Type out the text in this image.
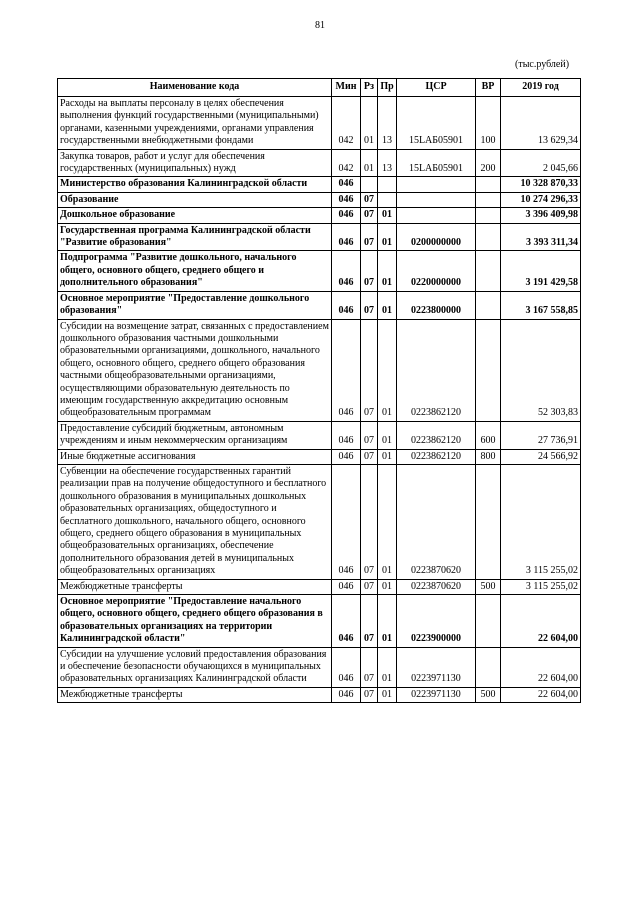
81
(тыс.рублей)
Наименование кода	Мин	Рз	Пр	ЦСР	ВР	2019 год
Расходы на выплаты персоналу в целях обеспечения выполнения функций государственными (муниципальными) органами, казенными учреждениями, органами управления государственными внебюджетными фондами	042	01	13	15LAБ05901	100	13 629,34
Закупка товаров, работ и услуг для обеспечения государственных (муниципальных) нужд	042	01	13	15LAБ05901	200	2 045,66
Министерство образования Калининградской области	046					10 328 870,33
Образование	046	07				10 274 296,33
Дошкольное образование	046	07	01			3 396 409,98
Государственная программа Калининградской области "Развитие образования"	046	07	01	0200000000		3 393 311,34
Подпрограмма "Развитие дошкольного, начального общего, основного общего, среднего общего и дополнительного образования"	046	07	01	0220000000		3 191 429,58
Основное мероприятие "Предоставление дошкольного образования"	046	07	01	0223800000		3 167 558,85
Субсидии на возмещение затрат, связанных с предоставлением дошкольного образования частными дошкольными образовательными организациями, дошкольного, начального общего, основного общего, среднего общего образования частными общеобразовательными организациями, осуществляющими образовательную деятельность по имеющим государственную аккредитацию основным общеобразовательным программам	046	07	01	0223862120		52 303,83
Предоставление субсидий бюджетным, автономным учреждениям и иным некоммерческим организациям	046	07	01	0223862120	600	27 736,91
Иные бюджетные ассигнования	046	07	01	0223862120	800	24 566,92
Субвенции на обеспечение государственных гарантий реализации прав на получение общедоступного и бесплатного дошкольного образования в муниципальных дошкольных образовательных организациях, общедоступного и бесплатного дошкольного, начального общего, основного общего, среднего общего образования в муниципальных общеобразовательных организациях, обеспечение дополнительного образования детей в муниципальных общеобразовательных организациях	046	07	01	0223870620		3 115 255,02
Межбюджетные трансферты	046	07	01	0223870620	500	3 115 255,02
Основное мероприятие "Предоставление начального общего, основного общего, среднего общего образования в образовательных организациях на территории Калининградской области"	046	07	01	0223900000		22 604,00
Субсидии на улучшение условий предоставления образования и обеспечение безопасности обучающихся в муниципальных образовательных организациях Калининградской области	046	07	01	0223971130		22 604,00
Межбюджетные трансферты	046	07	01	0223971130	500	22 604,00
